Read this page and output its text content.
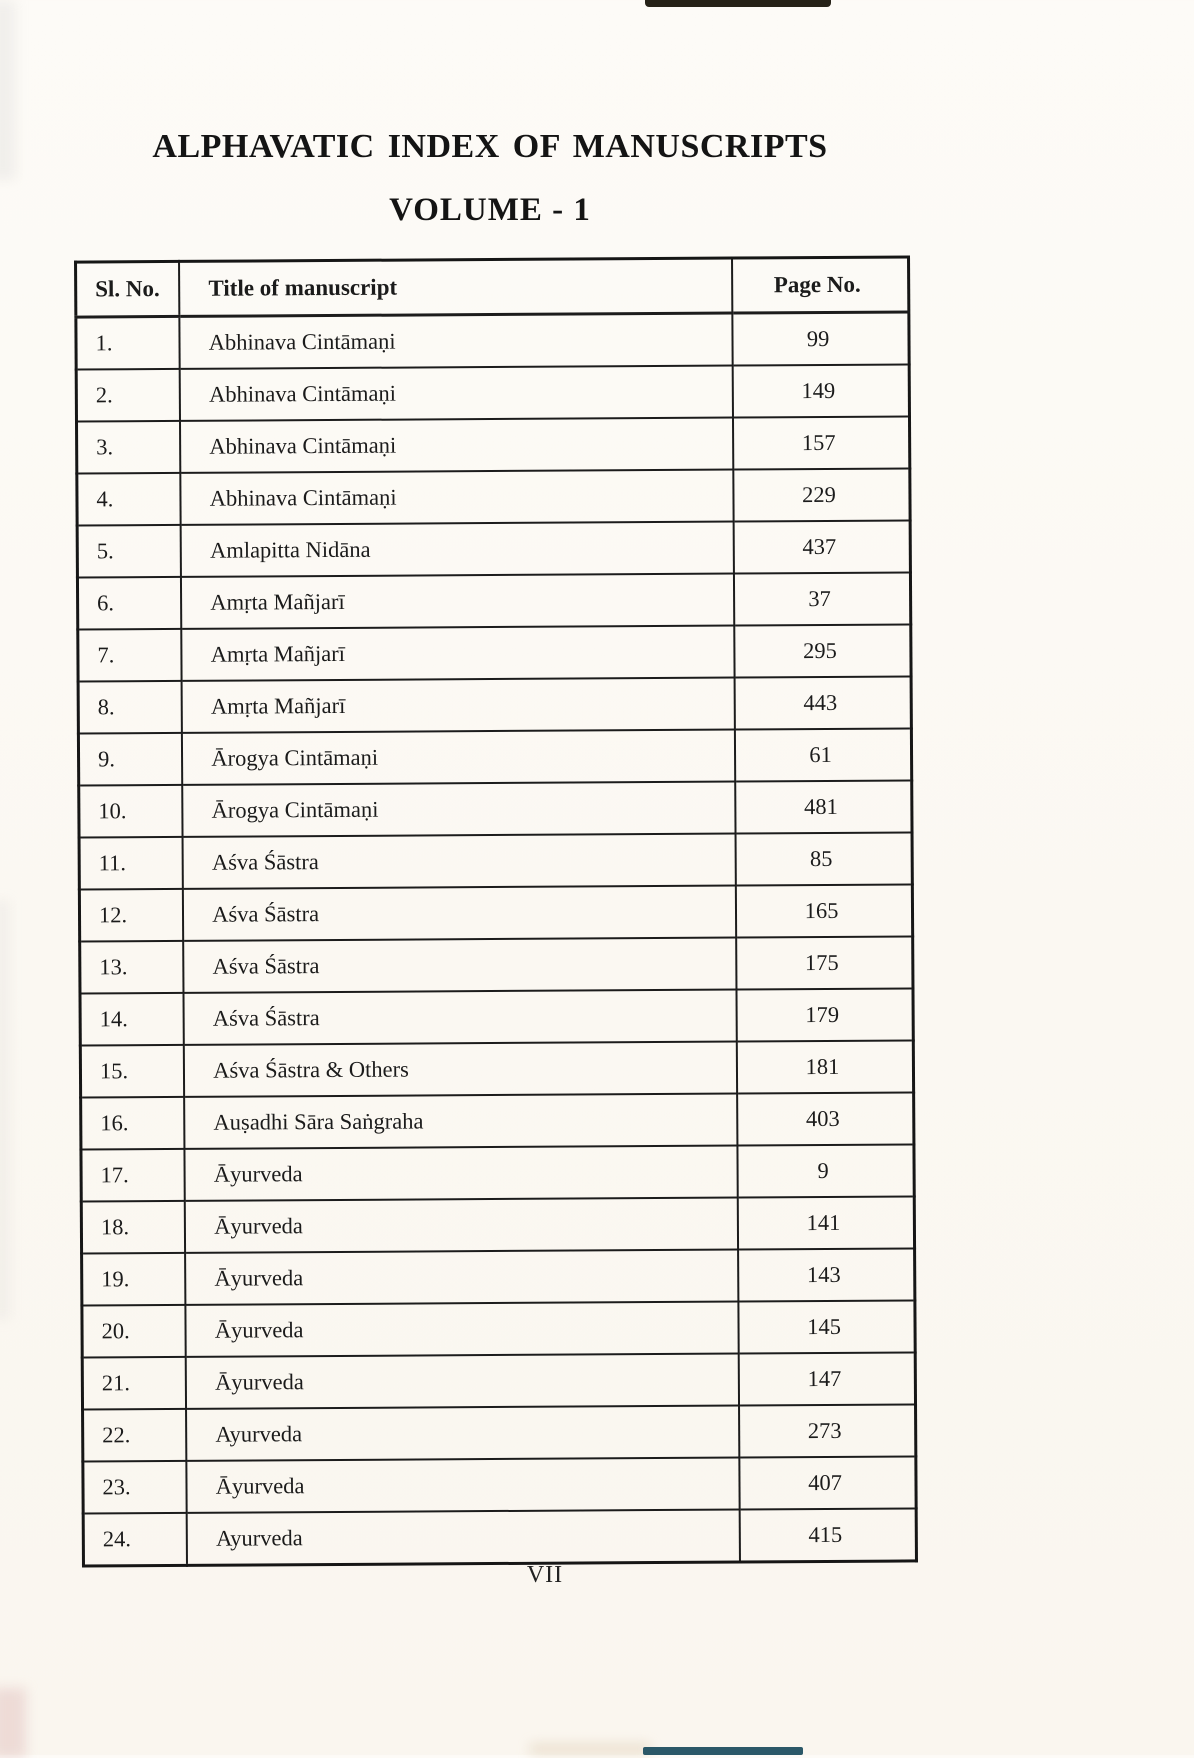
ALPHAVATIC INDEX OF MANUSCRIPTS
VOLUME - 1
Sl. No.	Title of manuscript	Page No.
1.	Abhinava Cintāmaṇi	99
2.	Abhinava Cintāmaṇi	149
3.	Abhinava Cintāmaṇi	157
4.	Abhinava Cintāmaṇi	229
5.	Amlapitta Nidāna	437
6.	Amṛta Mañjarī	37
7.	Amṛta Mañjarī	295
8.	Amṛta Mañjarī	443
9.	Ārogya Cintāmaṇi	61
10.	Ārogya Cintāmaṇi	481
11.	Aśva Śāstra	85
12.	Aśva Śāstra	165
13.	Aśva Śāstra	175
14.	Aśva Śāstra	179
15.	Aśva Śāstra & Others	181
16.	Auṣadhi Sāra Saṅgraha	403
17.	Āyurveda	9
18.	Āyurveda	141
19.	Āyurveda	143
20.	Āyurveda	145
21.	Āyurveda	147
22.	Ayurveda	273
23.	Āyurveda	407
24.	Ayurveda	415
VII
